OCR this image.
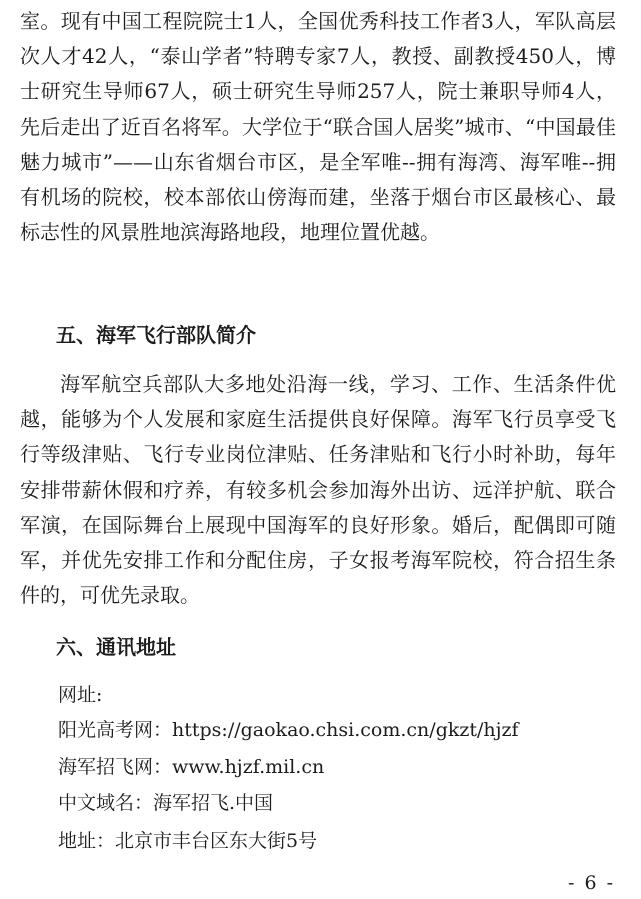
室。现有中国工程院院士1人，全国优秀科技工作者3人，军队高层次人才42人，“泰山学者”特聘专家7人，教授、副教授450人，博士研究生导师67人，硕士研究生导师257人，院士兼职导师4人，先后走出了近百名将军。大学位于“联合国人居奖”城市、“中国最佳魅力城市”——山东省烟台市区，是全军唯-‐拥有海湾、海军唯-‐拥有机场的院校，校本部依山傍海而建，坐落于烟台市区最核心、最标志性的风景胜地滨海路地段，地理位置优越。

五、海军飞行部队简介

海军航空兵部队大多地处沿海一线，学习、工作、生活条件优越，能够为个人发展和家庭生活提供良好保障。海军飞行员享受飞行等级津贴、飞行专业岗位津贴、任务津贴和飞行小时补助，每年安排带薪休假和疗养，有较多机会参加海外出访、远洋护航、联合军演，在国际舞台上展现中国海军的良好形象。婚后，配偶即可随军，并优先安排工作和分配住房，子女报考海军院校，符合招生条件的，可优先录取。

六、通讯地址

网址:

阳光高考网：https://gaokao.chsi.com.cn/gkzt/hjzf

海军招飞网：www.hjzf.mil.cn

中文域名：海军招飞.中国

地址：北京市丰台区东大街5号

- 6 -
